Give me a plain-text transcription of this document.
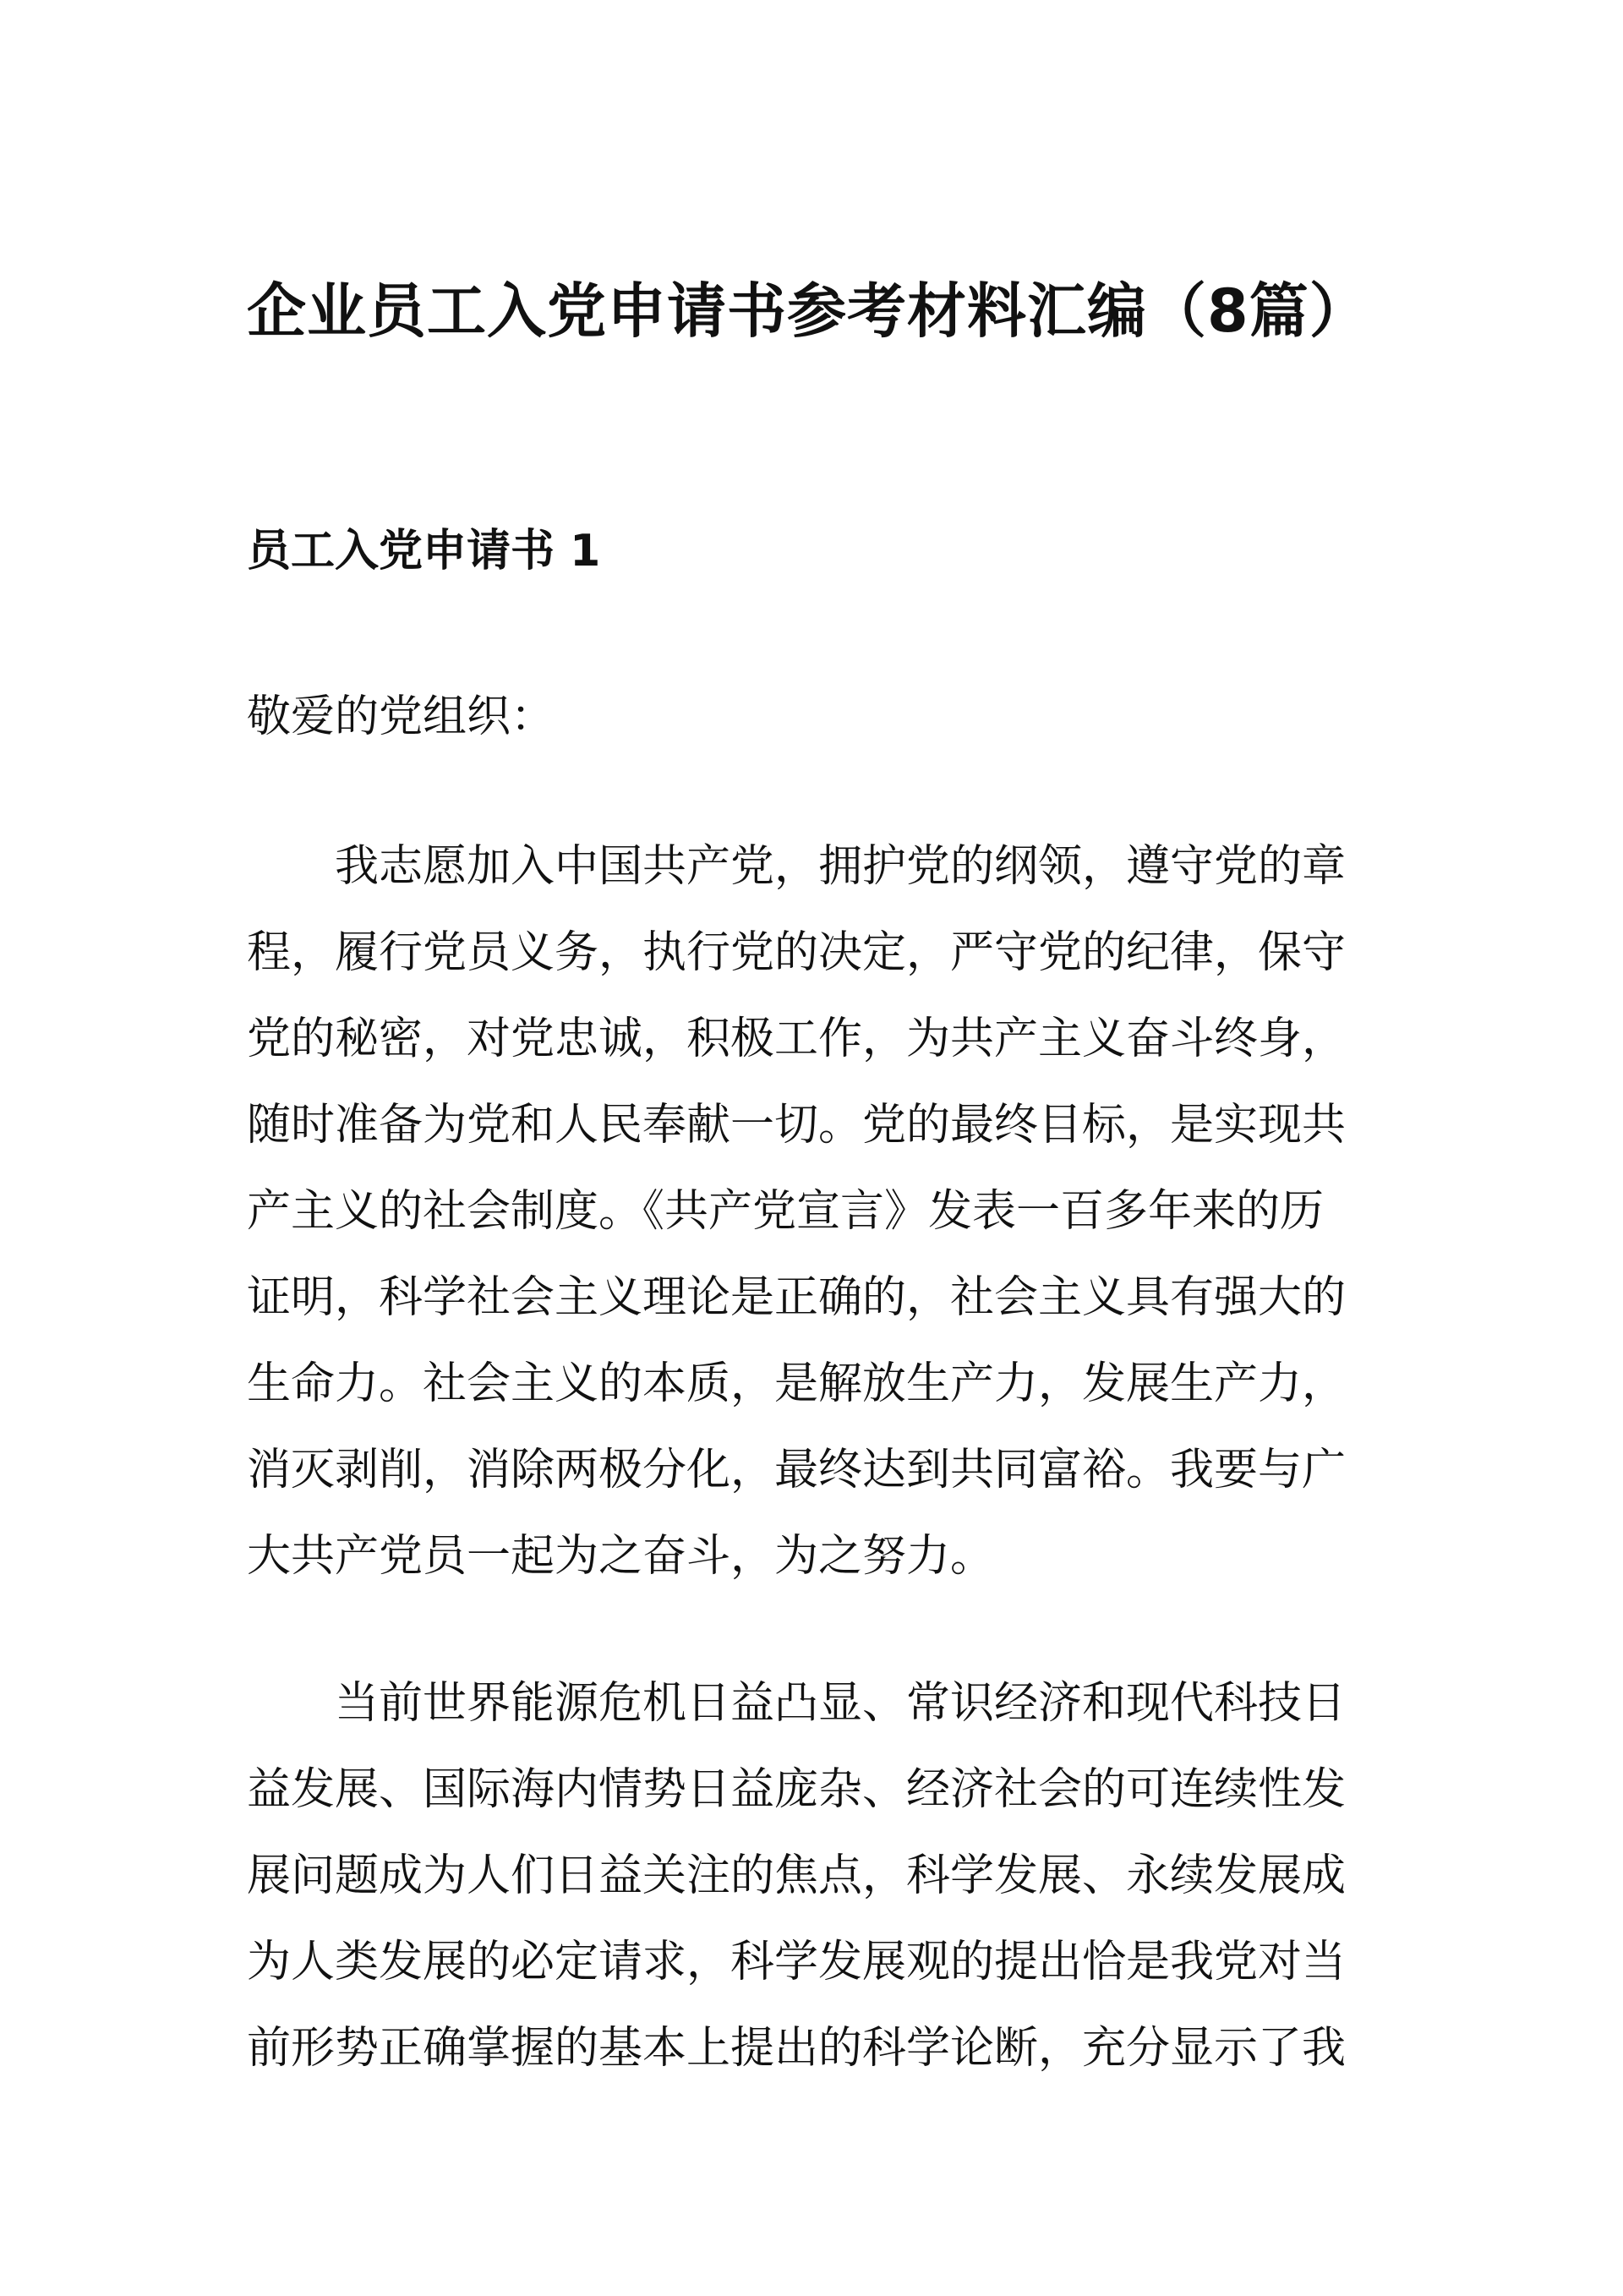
企业员工入党申请书参考材料汇编（8篇）
员工入党申请书 1

敬爱的党组织：

我志愿加入中国共产党，拥护党的纲领，遵守党的章
程，履行党员义务，执行党的决定，严守党的纪律，保守
党的秘密，对党忠诚，积极工作，为共产主义奋斗终身，
随时准备为党和人民奉献一切。党的最终目标，是实现共
产主义的社会制度。《共产党宣言》发表一百多年来的历
证明，科学社会主义理论是正确的，社会主义具有强大的
生命力。社会主义的本质，是解放生产力，发展生产力，
消灭剥削，消除两极分化，最终达到共同富裕。我要与广
大共产党员一起为之奋斗，为之努力。
当前世界能源危机日益凸显、常识经济和现代科技日
益发展、国际海内情势日益庞杂、经济社会的可连续性发
展问题成为人们日益关注的焦点，科学发展、永续发展成
为人类发展的必定请求，科学发展观的提出恰是我党对当
前形势正确掌握的基本上提出的科学论断，充分显示了我
